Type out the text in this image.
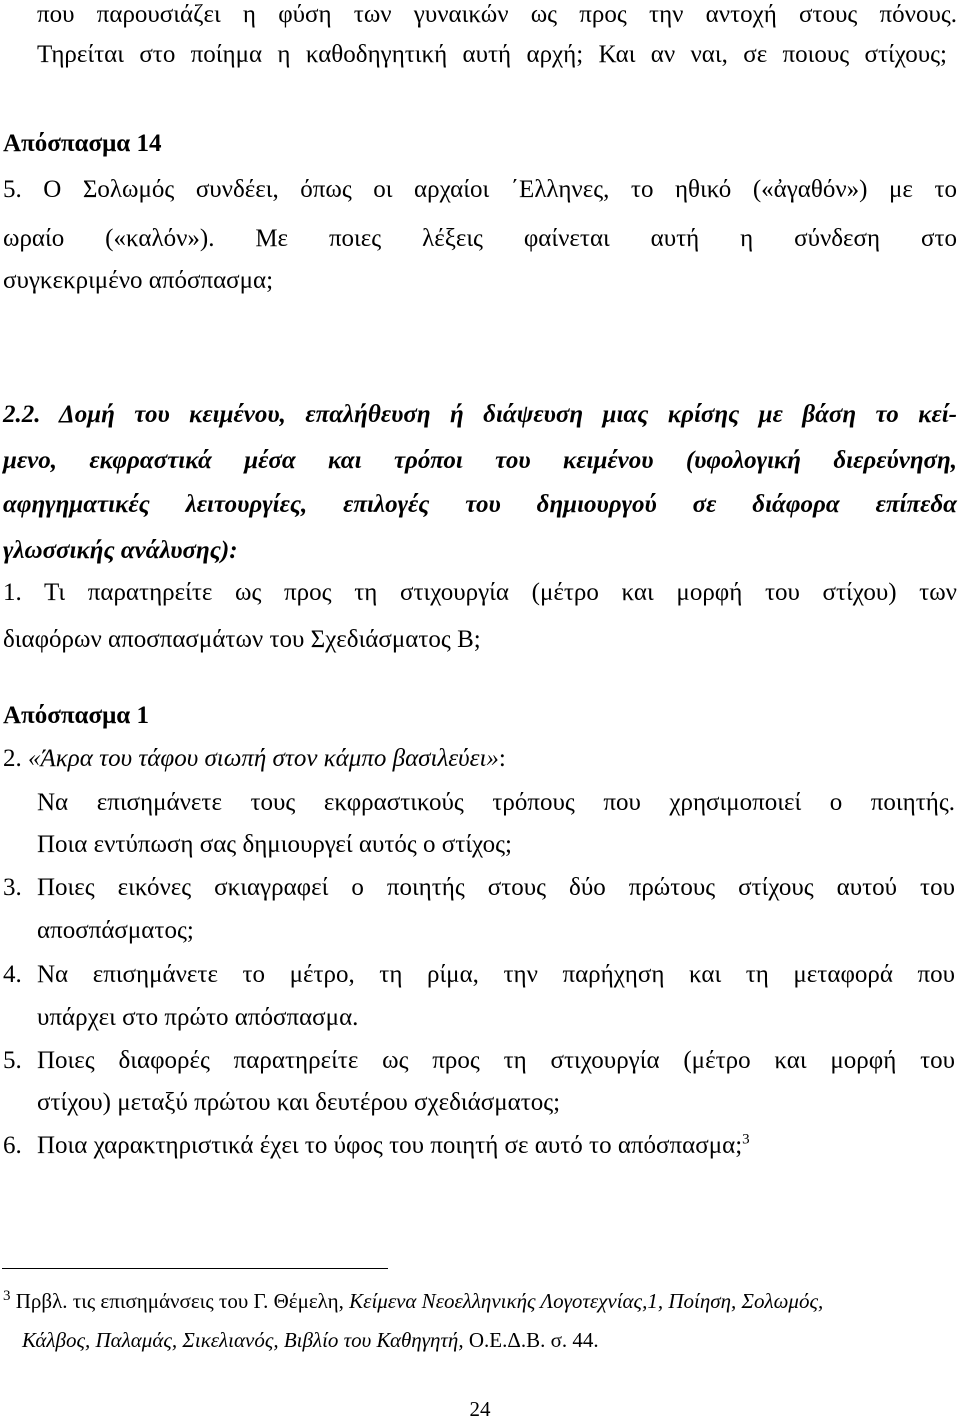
που παρουσιάζει η φύση των γυναικών ως προς την αντοχή στους πόνους.
Τηρείται στο ποίημα η καθοδηγητική αυτή αρχή; Και αν ναι, σε ποιους στίχους;
Απόσπασμα 14
5. Ο Σολωμός συνδέει, όπως οι αρχαίοι ΄Ελληνες, το ηθικό («ἀγαθόν») με το
ωραίο («καλόν»). Με ποιες λέξεις φαίνεται αυτή η σύνδεση στο
συγκεκριμένο απόσπασμα;
2.2. Δομή του κειμένου, επαλήθευση ή διάψευση μιας κρίσης με βάση το κεί-
μενο, εκφραστικά μέσα και τρόποι του κειμένου (υφολογική διερεύνηση,
αφηγηματικές λειτουργίες, επιλογές του δημιουργού σε διάφορα επίπεδα
γλωσσικής ανάλυσης):
1. Τι παρατηρείτε ως προς τη στιχουργία (μέτρο και μορφή του στίχου) των
διαφόρων αποσπασμάτων του Σχεδιάσματος Β;
Απόσπασμα 1
2. «Άκρα του τάφου σιωπή στον κάμπο βασιλεύει»:
Να επισημάνετε τους εκφραστικούς τρόπους που χρησιμοποιεί ο ποιητής.
Ποια εντύπωση σας δημιουργεί αυτός ο στίχος;
3. Ποιες εικόνες σκιαγραφεί ο ποιητής στους δύο πρώτους στίχους αυτού του
αποσπάσματος;
4. Να επισημάνετε το μέτρο, τη ρίμα, την παρήχηση και τη μεταφορά που
υπάρχει στο πρώτο απόσπασμα.
5. Ποιες διαφορές παρατηρείτε ως προς τη στιχουργία (μέτρο και μορφή του
στίχου) μεταξύ πρώτου και δευτέρου σχεδιάσματος;
6. Ποια χαρακτηριστικά έχει το ύφος του ποιητή σε αυτό το απόσπασμα;$^3$
$^3$ Πρβλ. τις επισημάνσεις του Γ. Θέμελη, Κείμενα Νεοελληνικής Λογοτεχνίας,1, Ποίηση, Σολωμός,
Κάλβος, Παλαμάς, Σικελιανός, Βιβλίο του Καθηγητή, Ο.Ε.Δ.Β. σ. 44.
24
